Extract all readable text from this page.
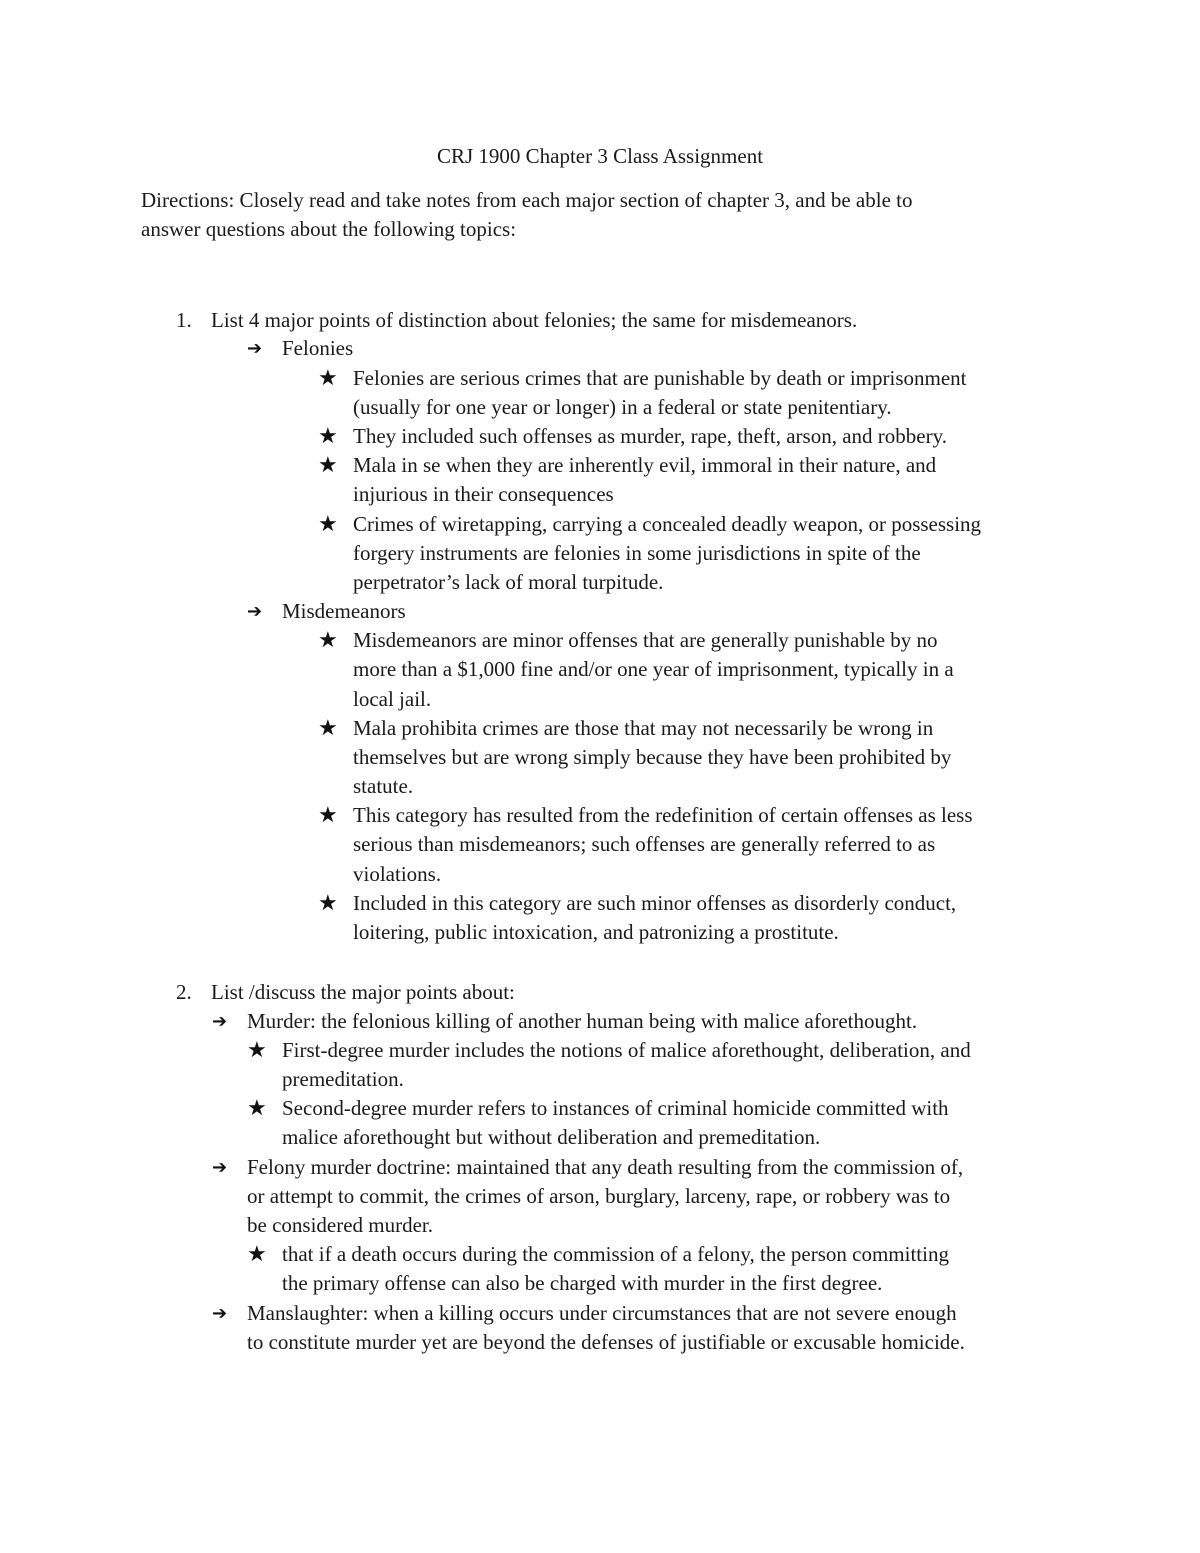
CRJ 1900 Chapter 3 Class Assignment
Directions: Closely read and take notes from each major section of chapter 3, and be able to
answer questions about the following topics:
1. List 4 major points of distinction about felonies; the same for misdemeanors.
➔ Felonies
★ Felonies are serious crimes that are punishable by death or imprisonment
(usually for one year or longer) in a federal or state penitentiary.
★ They included such offenses as murder, rape, theft, arson, and robbery.
★ Mala in se when they are inherently evil, immoral in their nature, and
injurious in their consequences
★ Crimes of wiretapping, carrying a concealed deadly weapon, or possessing
forgery instruments are felonies in some jurisdictions in spite of the
perpetrator’s lack of moral turpitude.
➔ Misdemeanors
★ Misdemeanors are minor offenses that are generally punishable by no
more than a $1,000 fine and/or one year of imprisonment, typically in a
local jail.
★ Mala prohibita crimes are those that may not necessarily be wrong in
themselves but are wrong simply because they have been prohibited by
statute.
★ This category has resulted from the redefinition of certain offenses as less
serious than misdemeanors; such offenses are generally referred to as
violations.
★ Included in this category are such minor offenses as disorderly conduct,
loitering, public intoxication, and patronizing a prostitute.
2. List /discuss the major points about:
➔ Murder: the felonious killing of another human being with malice aforethought.
★ First-degree murder includes the notions of malice aforethought, deliberation, and
premeditation.
★ Second-degree murder refers to instances of criminal homicide committed with
malice aforethought but without deliberation and premeditation.
➔ Felony murder doctrine: maintained that any death resulting from the commission of,
or attempt to commit, the crimes of arson, burglary, larceny, rape, or robbery was to
be considered murder.
★ that if a death occurs during the commission of a felony, the person committing
the primary offense can also be charged with murder in the first degree.
➔ Manslaughter: when a killing occurs under circumstances that are not severe enough
to constitute murder yet are beyond the defenses of justifiable or excusable homicide.
